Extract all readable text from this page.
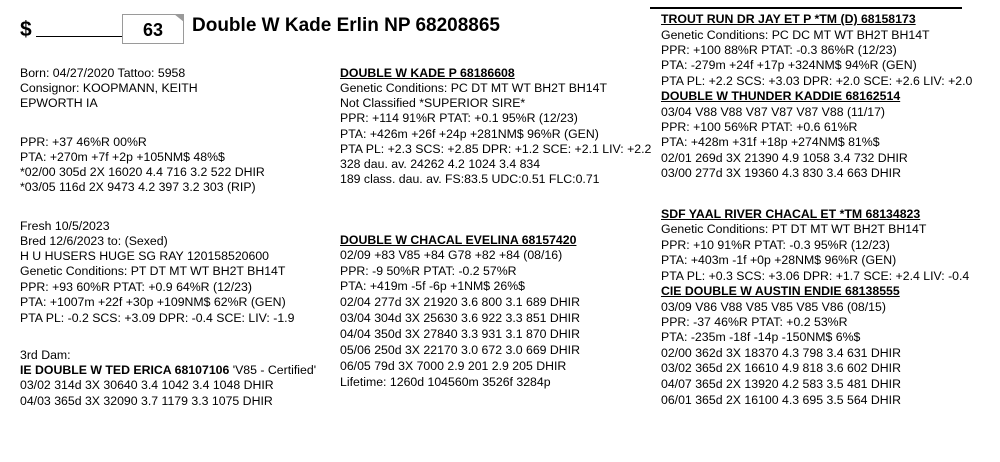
$	63	Double W Kade Erlin NP 68208865
Born: 04/27/2020 Tattoo: 5958
Consignor: KOOPMANN, KEITH
EPWORTH IA
PPR: +37 46%R 00%R
PTA: +270m +7f +2p +105NM$ 48%$
*02/00 305d 2X 16020 4.4 716 3.2 522 DHIR
*03/05 116d 2X 9473 4.2 397 3.2 303 (RIP)
Fresh 10/5/2023
Bred 12/6/2023 to: (Sexed)
H U HUSERS HUGE SG RAY 120158520600
Genetic Conditions: PT DT MT WT BH2T BH14T
PPR: +93 60%R PTAT: +0.9 64%R (12/23)
PTA: +1007m +22f +30p +109NM$ 62%R (GEN)
PTA PL: -0.2 SCS: +3.09 DPR: -0.4 SCE: LIV: -1.9
3rd Dam:
IE DOUBLE W TED ERICA 68107106 'V85 - Certified'
03/02 314d 3X 30640 3.4 1042 3.4 1048 DHIR
04/03 365d 3X 32090 3.7 1179 3.3 1075 DHIR
DOUBLE W KADE P 68186608
Genetic Conditions: PC DT MT WT BH2T BH14T
Not Classified *SUPERIOR SIRE*
PPR: +114 91%R PTAT: +0.1 95%R (12/23)
PTA: +426m +26f +24p +281NM$ 96%R (GEN)
PTA PL: +2.3 SCS: +2.85 DPR: +1.2 SCE: +2.1 LIV: +2.2
328 dau. av. 24262 4.2 1024 3.4 834
189 class. dau. av. FS:83.5 UDC:0.51 FLC:0.71
DOUBLE W CHACAL EVELINA 68157420
02/09 +83 V85 +84 G78 +82 +84 (08/16)
PPR: -9 50%R PTAT: -0.2 57%R
PTA: +419m -5f -6p +1NM$ 26%$
02/04 277d 3X 21920 3.6 800 3.1 689 DHIR
03/04 304d 3X 25630 3.6 922 3.3 851 DHIR
04/04 350d 3X 27840 3.3 931 3.1 870 DHIR
05/06 250d 3X 22170 3.0 672 3.0 669 DHIR
06/05 79d 3X 7000 2.9 201 2.9 205 DHIR
Lifetime: 1260d 104560m 3526f 3284p
TROUT RUN DR JAY ET P *TM (D) 68158173
Genetic Conditions: PC DC MT WT BH2T BH14T
PPR: +100 88%R PTAT: -0.3 86%R (12/23)
PTA: -279m +24f +17p +324NM$ 94%R (GEN)
PTA PL: +2.2 SCS: +3.03 DPR: +2.0 SCE: +2.6 LIV: +2.0
DOUBLE W THUNDER KADDIE 68162514
03/04 V88 V88 V87 V87 V87 V88 (11/17)
PPR: +100 56%R PTAT: +0.6 61%R
PTA: +428m +31f +18p +274NM$ 81%$
02/01 269d 3X 21390 4.9 1058 3.4 732 DHIR
03/00 277d 3X 19360 4.3 830 3.4 663 DHIR
SDF YAAL RIVER CHACAL ET *TM 68134823
Genetic Conditions: PT DT MT WT BH2T BH14T
PPR: +10 91%R PTAT: -0.3 95%R (12/23)
PTA: +403m -1f +0p +28NM$ 96%R (GEN)
PTA PL: +0.3 SCS: +3.06 DPR: +1.7 SCE: +2.4 LIV: -0.4
CIE DOUBLE W AUSTIN ENDIE 68138555
03/09 V86 V88 V85 V85 V85 V86 (08/15)
PPR: -37 46%R PTAT: +0.2 53%R
PTA: -235m -18f -14p -150NM$ 6%$
02/00 362d 3X 18370 4.3 798 3.4 631 DHIR
03/02 365d 2X 16610 4.9 818 3.6 602 DHIR
04/07 365d 2X 13920 4.2 583 3.5 481 DHIR
06/01 365d 2X 16100 4.3 695 3.5 564 DHIR
